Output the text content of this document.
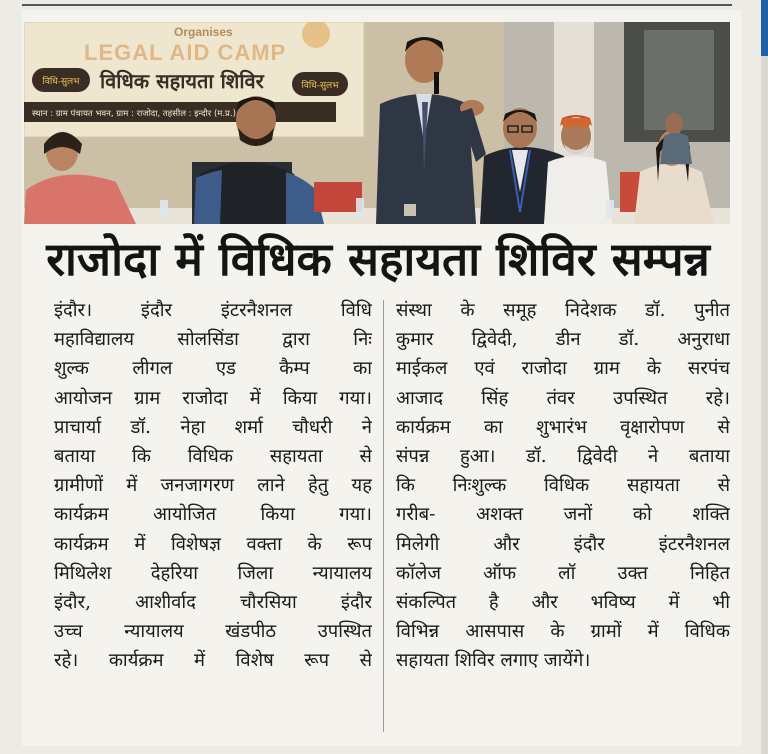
Organises
LEGAL AID CAMP
विधि-सुलभ विधिक सहायता शिविर	विधि-सुलभ
स्थान : ग्राम पंचायत भवन, ग्राम : राजोदा, तहसील : इन्दौर (म.प्र.)
राजोदा में विधिक सहायता शिविर सम्पन्न
इंदौर। इंदौर इंटरनैशनल विधि
महाविद्यालय सोलसिंडा द्वारा निः
शुल्क लीगल एड कैम्प का
आयोजन ग्राम राजोदा में किया गया।
प्राचार्या डॉ. नेहा शर्मा चौधरी ने
बताया कि विधिक सहायता से
ग्रामीणों में जनजागरण लाने हेतु यह
कार्यक्रम आयोजित किया गया।
कार्यक्रम में विशेषज्ञ वक्ता के रूप
मिथिलेश देहरिया जिला न्यायालय
इंदौर, आशीर्वाद चौरसिया इंदौर
उच्च न्यायालय खंडपीठ उपस्थित
रहे। कार्यक्रम में विशेष रूप से
संस्था के समूह निदेशक डॉ. पुनीत
कुमार द्विवेदी, डीन डॉ. अनुराधा
माईकल एवं राजोदा ग्राम के सरपंच
आजाद सिंह तंवर उपस्थित रहे।
कार्यक्रम का शुभारंभ वृक्षारोपण से
संपन्न हुआ। डॉ. द्विवेदी ने बताया
कि निःशुल्क विधिक सहायता से
गरीब- अशक्त जनों को शक्ति
मिलेगी और इंदौर इंटरनैशनल
कॉलेज ऑफ लॉ उक्त निहित
संकल्पित है और भविष्य में भी
विभिन्न आसपास के ग्रामों में विधिक
सहायता शिविर लगाए जायेंगे।
